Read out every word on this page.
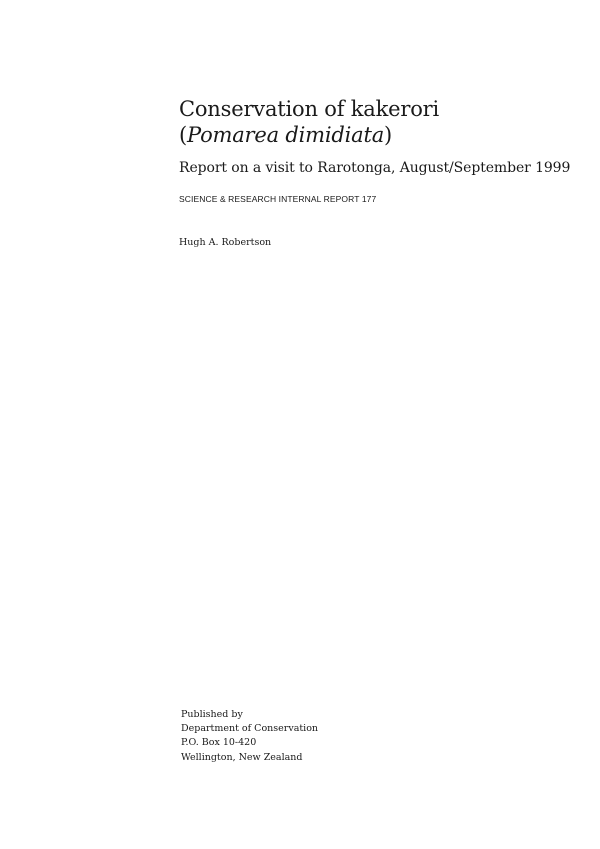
Conservation of kakerori
(Pomarea dimidiata)

Report on a visit to Rarotonga, August/September 1999

SCIENCE & RESEARCH INTERNAL REPORT 177

Hugh A. Robertson

Published by
Department of Conservation
P.O. Box 10-420
Wellington, New Zealand
